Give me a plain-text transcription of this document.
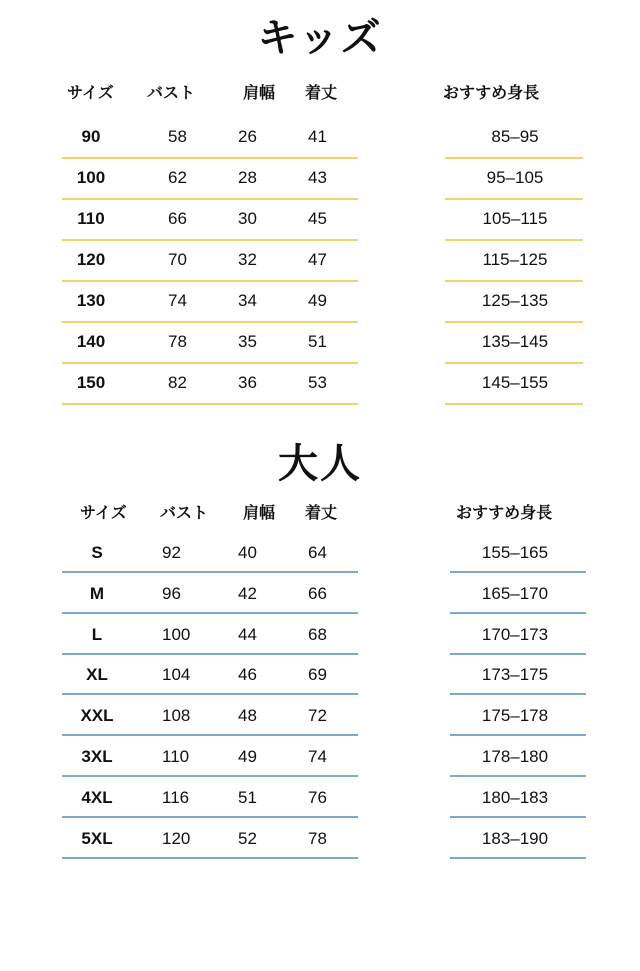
キッズ
サイズ バスト	肩幅 着丈	おすすめ身長
90	58	26	41	85–95
100	62	28	43	95–105
110	66	30	45	105–115
120	70	32	47	115–125
130	74	34	49	125–135
140	78	35	51	135–145
150	82	36	53	145–155
大人
サイズ バスト 肩幅 着丈	おすすめ身長
S	92	40	64	155–165
M	96	42	66	165–170
L	100	44	68	170–173
XL	104	46	69	173–175
XXL	108	48	72	175–178
3XL	110	49	74	178–180
4XL	116	51	76	180–183
5XL	120	52	78	183–190
